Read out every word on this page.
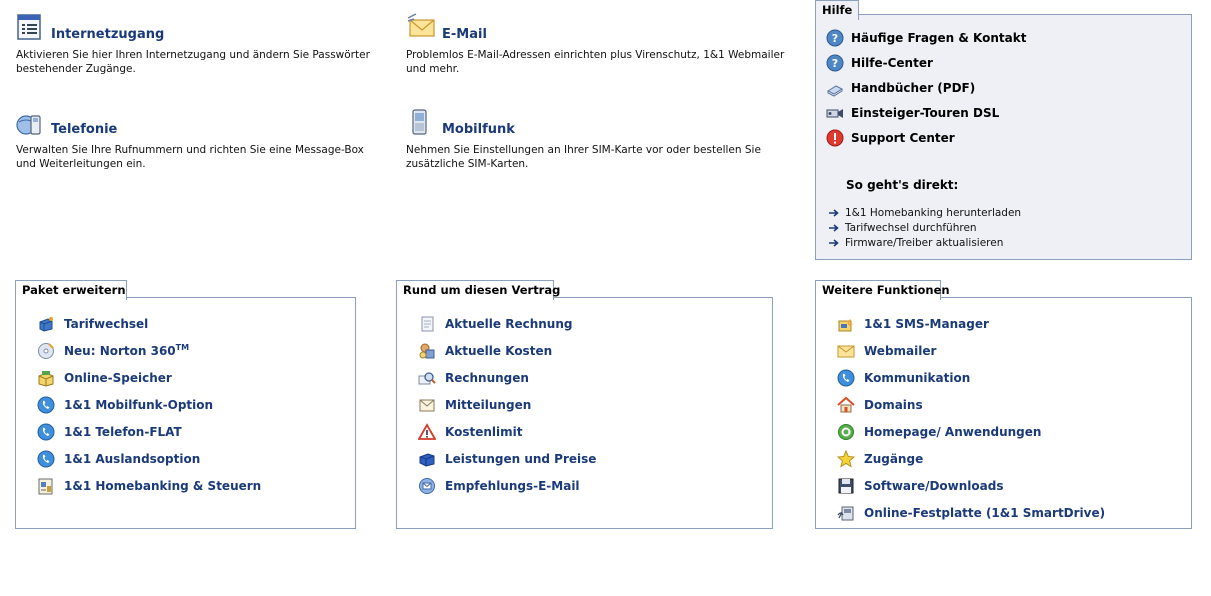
Internetzugang
Aktivieren Sie hier Ihren Internetzugang und ändern Sie Passwörter bestehender Zugänge.
E-Mail
Problemlos E-Mail-Adressen einrichten plus Virenschutz, 1&1 Webmailer und mehr.
Telefonie
Verwalten Sie Ihre Rufnummern und richten Sie eine Message-Box und Weiterleitungen ein.
Mobilfunk
Nehmen Sie Einstellungen an Ihrer SIM-Karte vor oder bestellen Sie zusätzliche SIM-Karten.
Hilfe
? Häufige Fragen & Kontakt
? Hilfe-Center
Handbücher (PDF)
Einsteiger-Touren DSL
Support Center
So geht's direkt:
1&1 Homebanking herunterladen
Tarifwechsel durchführen
Firmware/Treiber aktualisieren
Paket erweitern
Tarifwechsel
Neu: Norton 360™
Online-Speicher
1&1 Mobilfunk-Option
1&1 Telefon-FLAT
1&1 Auslandsoption
1&1 Homebanking & Steuern
Rund um diesen Vertrag
Aktuelle Rechnung
Aktuelle Kosten
Rechnungen
Mitteilungen
Kostenlimit
Leistungen und Preise
Empfehlungs-E-Mail
Weitere Funktionen
1&1 SMS-Manager
Webmailer
Kommunikation
Domains
Homepage/ Anwendungen
Zugänge
Software/Downloads
Online-Festplatte (1&1 SmartDrive)
